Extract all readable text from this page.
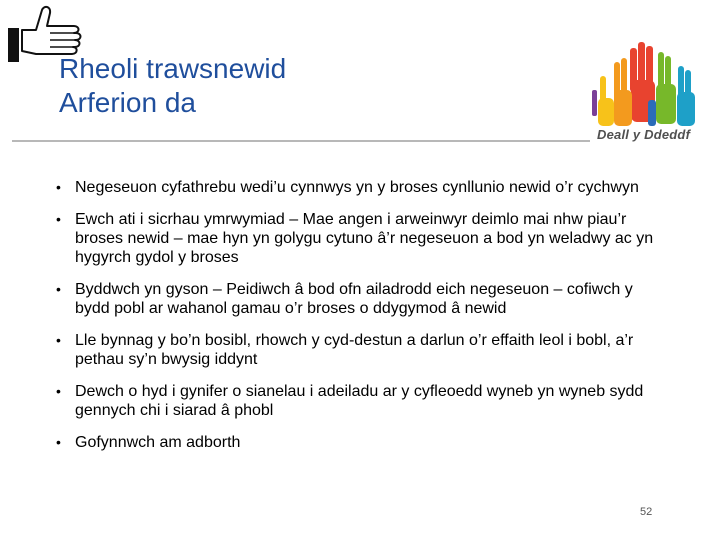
Rheoli trawsnewid
Arferion da

Deall y Ddeddf

• Negeseuon cyfathrebu wedi’u cynnwys yn y broses cynllunio newid o’r cychwyn
• Ewch ati i sicrhau ymrwymiad – Mae angen i arweinwyr deimlo mai nhw piau’r broses newid – mae hyn yn golygu cytuno â’r negeseuon a bod yn weladwy ac yn hygyrch gydol y broses
• Byddwch yn gyson – Peidiwch â bod ofn ailadrodd eich negeseuon – cofiwch y bydd pobl ar wahanol gamau o’r broses o ddygymod â newid
• Lle bynnag y bo’n bosibl, rhowch y cyd-destun a darlun o’r effaith leol i bobl, a’r pethau sy’n bwysig iddynt
• Dewch o hyd i gynifer o sianelau i adeiladu ar y cyfleoedd wyneb yn wyneb sydd gennych chi i siarad â phobl
• Gofynnwch am adborth
52
